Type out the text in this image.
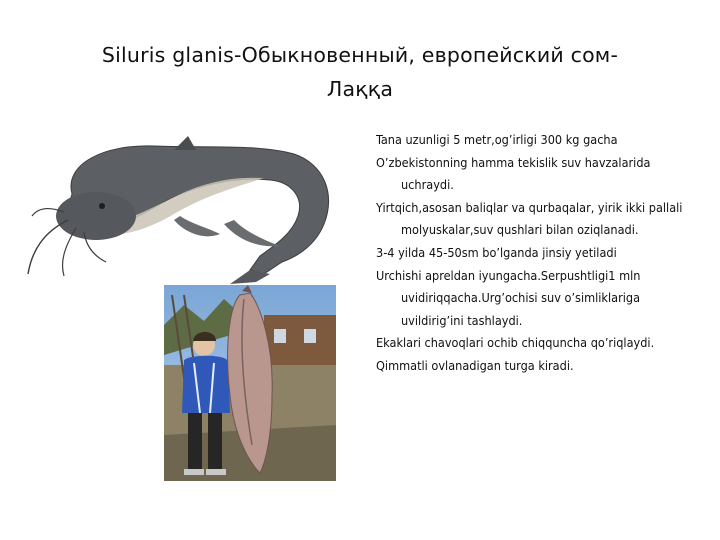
Siluris glanis-Обыкновенный, европейский сом-
Лаққа

Tana uzunligi 5 metr,og’irligi 300 kg gacha

O’zbekistonning hamma tekislik suv havzalarida uchraydi.

Yirtqich,asosan baliqlar va qurbaqalar, yirik ikki pallali molyuskalar,suv qushlari bilan oziqlanadi.

3-4 yilda 45-50sm bo’lganda jinsiy yetiladi

Urchishi apreldan iyungacha.Serpushtligi1 mln uvidiriqqacha.Urg’ochisi suv o’simliklariga uvildirig’ini tashlaydi.

Ekaklari chavoqlari ochib chiqquncha qo’riqlaydi.

Qimmatli ovlanadigan turga kiradi.
